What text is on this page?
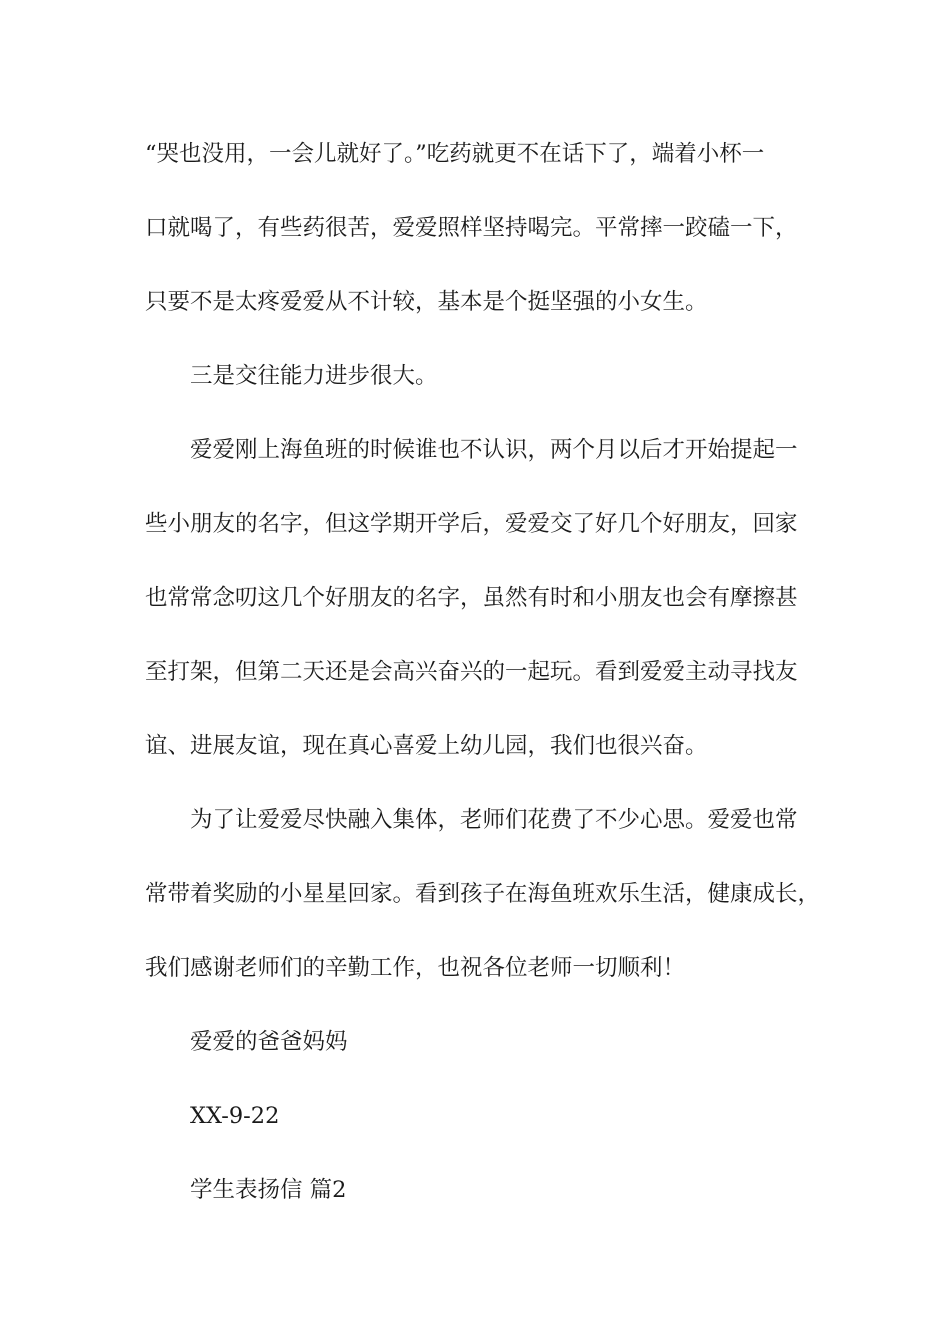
“哭也没用，一会儿就好了。”吃药就更不在话下了，端着小杯一
口就喝了，有些药很苦，爱爱照样坚持喝完。平常摔一跤磕一下，
只要不是太疼爱爱从不计较，基本是个挺坚强的小女生。
三是交往能力进步很大。
爱爱刚上海鱼班的时候谁也不认识，两个月以后才开始提起一
些小朋友的名字，但这学期开学后，爱爱交了好几个好朋友，回家
也常常念叨这几个好朋友的名字，虽然有时和小朋友也会有摩擦甚
至打架，但第二天还是会高兴奋兴的一起玩。看到爱爱主动寻找友
谊、进展友谊，现在真心喜爱上幼儿园，我们也很兴奋。
为了让爱爱尽快融入集体，老师们花费了不少心思。爱爱也常
常带着奖励的小星星回家。看到孩子在海鱼班欢乐生活，健康成长，
我们感谢老师们的辛勤工作，也祝各位老师一切顺利！
爱爱的爸爸妈妈
XX-9-22
学生表扬信 篇2
